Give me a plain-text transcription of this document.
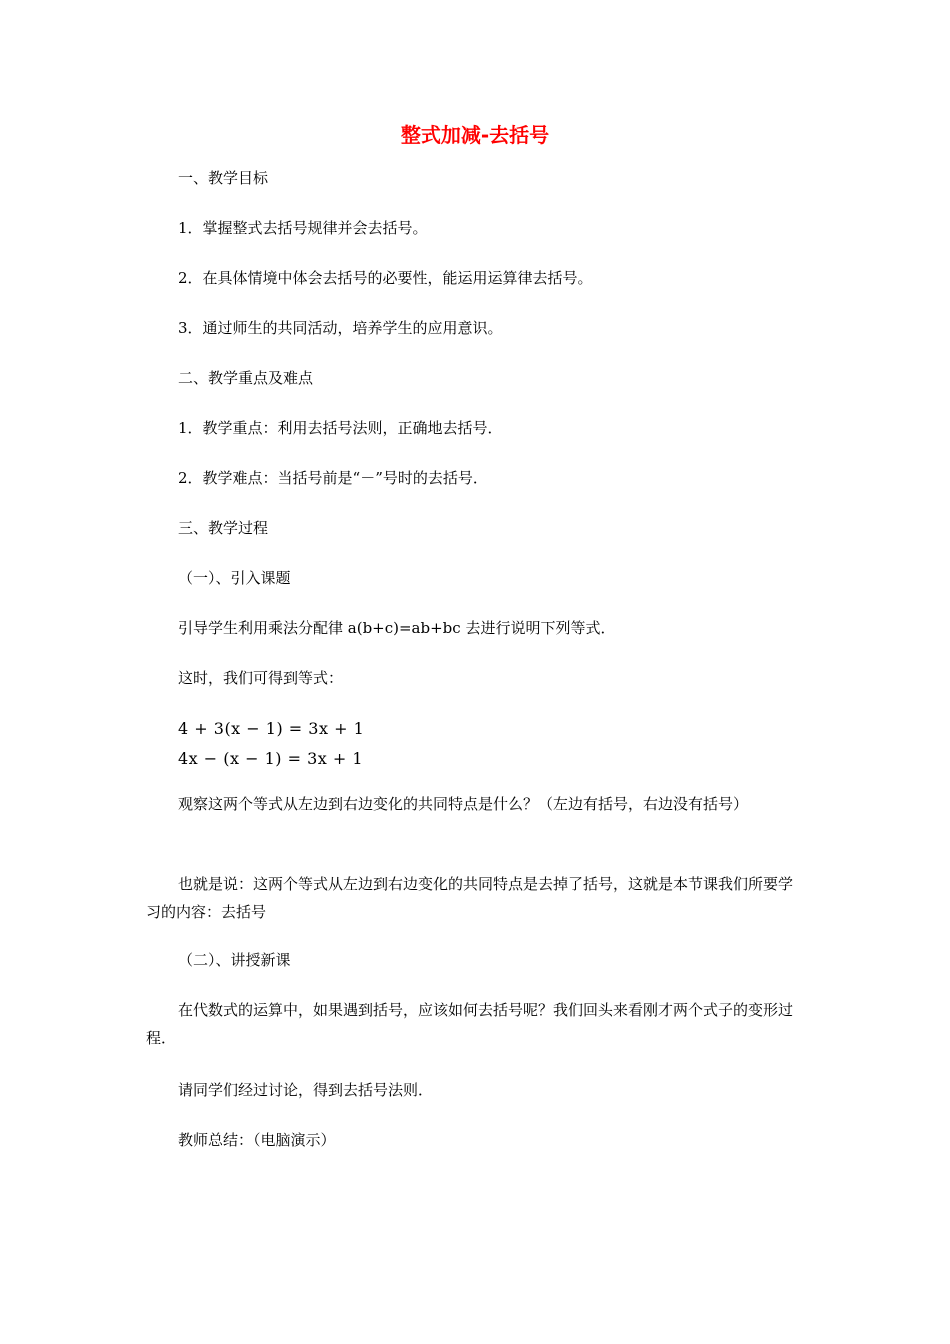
整式加减-去括号
一、教学目标
1．掌握整式去括号规律并会去括号。
2．在具体情境中体会去括号的必要性，能运用运算律去括号。
3．通过师生的共同活动，培养学生的应用意识。
二、教学重点及难点
1．教学重点：利用去括号法则，正确地去括号．
2．教学难点：当括号前是“－”号时的去括号．
三、教学过程
（一）、引入课题
引导学生利用乘法分配律 a(b+c)=ab+bc 去进行说明下列等式．
这时，我们可得到等式：
4 + 3(x − 1) = 3x + 1
4x − (x − 1) = 3x + 1
观察这两个等式从左边到右边变化的共同特点是什么？（左边有括号，右边没有括号）
也就是说：这两个等式从左边到右边变化的共同特点是去掉了括号，这就是本节课我们所要学习的内容：去括号
（二）、讲授新课
在代数式的运算中，如果遇到括号，应该如何去括号呢？我们回头来看刚才两个式子的变形过程．
请同学们经过讨论，得到去括号法则．
教师总结：（电脑演示）
